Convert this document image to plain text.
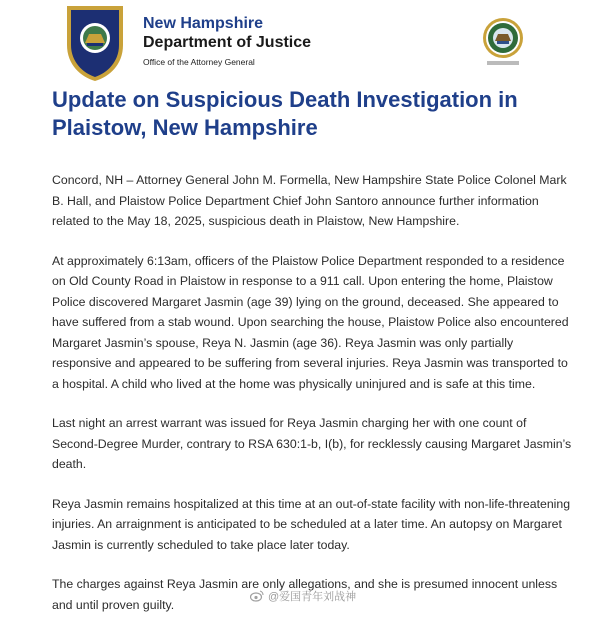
New Hampshire
Department of Justice
Office of the Attorney General
Update on Suspicious Death Investigation in Plaistow, New Hampshire

Concord, NH – Attorney General John M. Formella, New Hampshire State Police Colonel Mark B. Hall, and Plaistow Police Department Chief John Santoro announce further information related to the May 18, 2025, suspicious death in Plaistow, New Hampshire.

At approximately 6:13am, officers of the Plaistow Police Department responded to a residence on Old County Road in Plaistow in response to a 911 call. Upon entering the home, Plaistow Police discovered Margaret Jasmin (age 39) lying on the ground, deceased. She appeared to have suffered from a stab wound. Upon searching the house, Plaistow Police also encountered Margaret Jasmin’s spouse, Reya N. Jasmin (age 36). Reya Jasmin was only partially responsive and appeared to be suffering from several injuries. Reya Jasmin was transported to a hospital. A child who lived at the home was physically uninjured and is safe at this time.

Last night an arrest warrant was issued for Reya Jasmin charging her with one count of Second-Degree Murder, contrary to RSA 630:1-b, I(b), for recklessly causing Margaret Jasmin’s death.

Reya Jasmin remains hospitalized at this time at an out-of-state facility with non-life-threatening injuries. An arraignment is anticipated to be scheduled at a later time. An autopsy on Margaret Jasmin is currently scheduled to take place later today.

The charges against Reya Jasmin are only allegations, and she is presumed innocent unless and until proven guilty.

@爱国青年刘战神
